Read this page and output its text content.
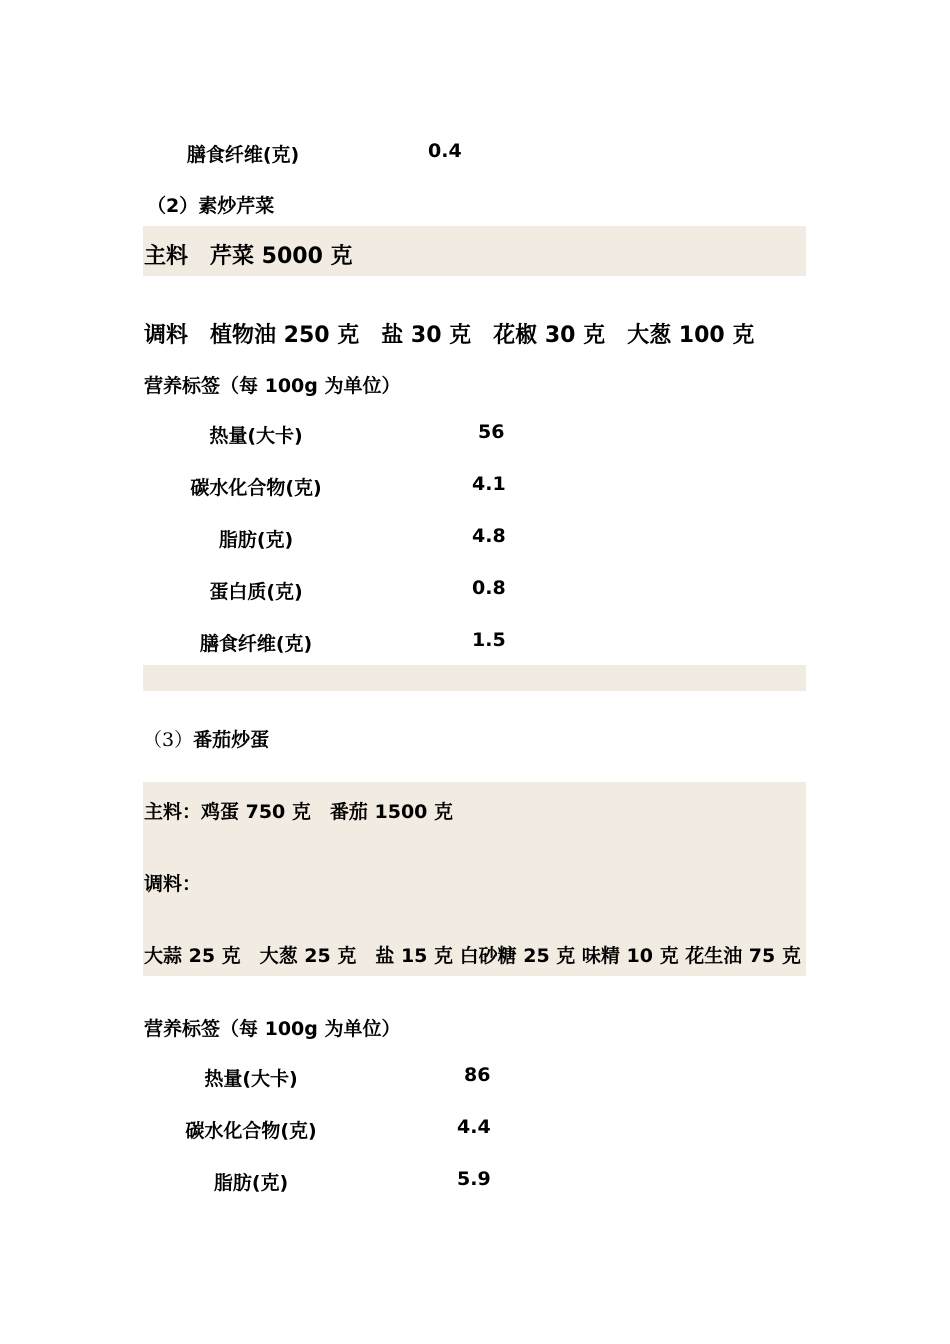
膳食纤维(克)	0.4
（2）素炒芹菜
主料　芹菜 5000 克
调料　植物油 250 克　盐 30 克　花椒 30 克　大葱 100 克
营养标签（每 100g 为单位）
热量(大卡)	56
碳水化合物(克)	4.1
脂肪(克)	4.8
蛋白质(克)	0.8
膳食纤维(克)	1.5
（3）番茄炒蛋
主料：鸡蛋 750 克　番茄 1500 克
调料：
大蒜 25 克　大葱 25 克　盐 15 克 白砂糖 25 克 味精 10 克 花生油 75 克
营养标签（每 100g 为单位）
热量(大卡)	86
碳水化合物(克)	4.4
脂肪(克)	5.9
